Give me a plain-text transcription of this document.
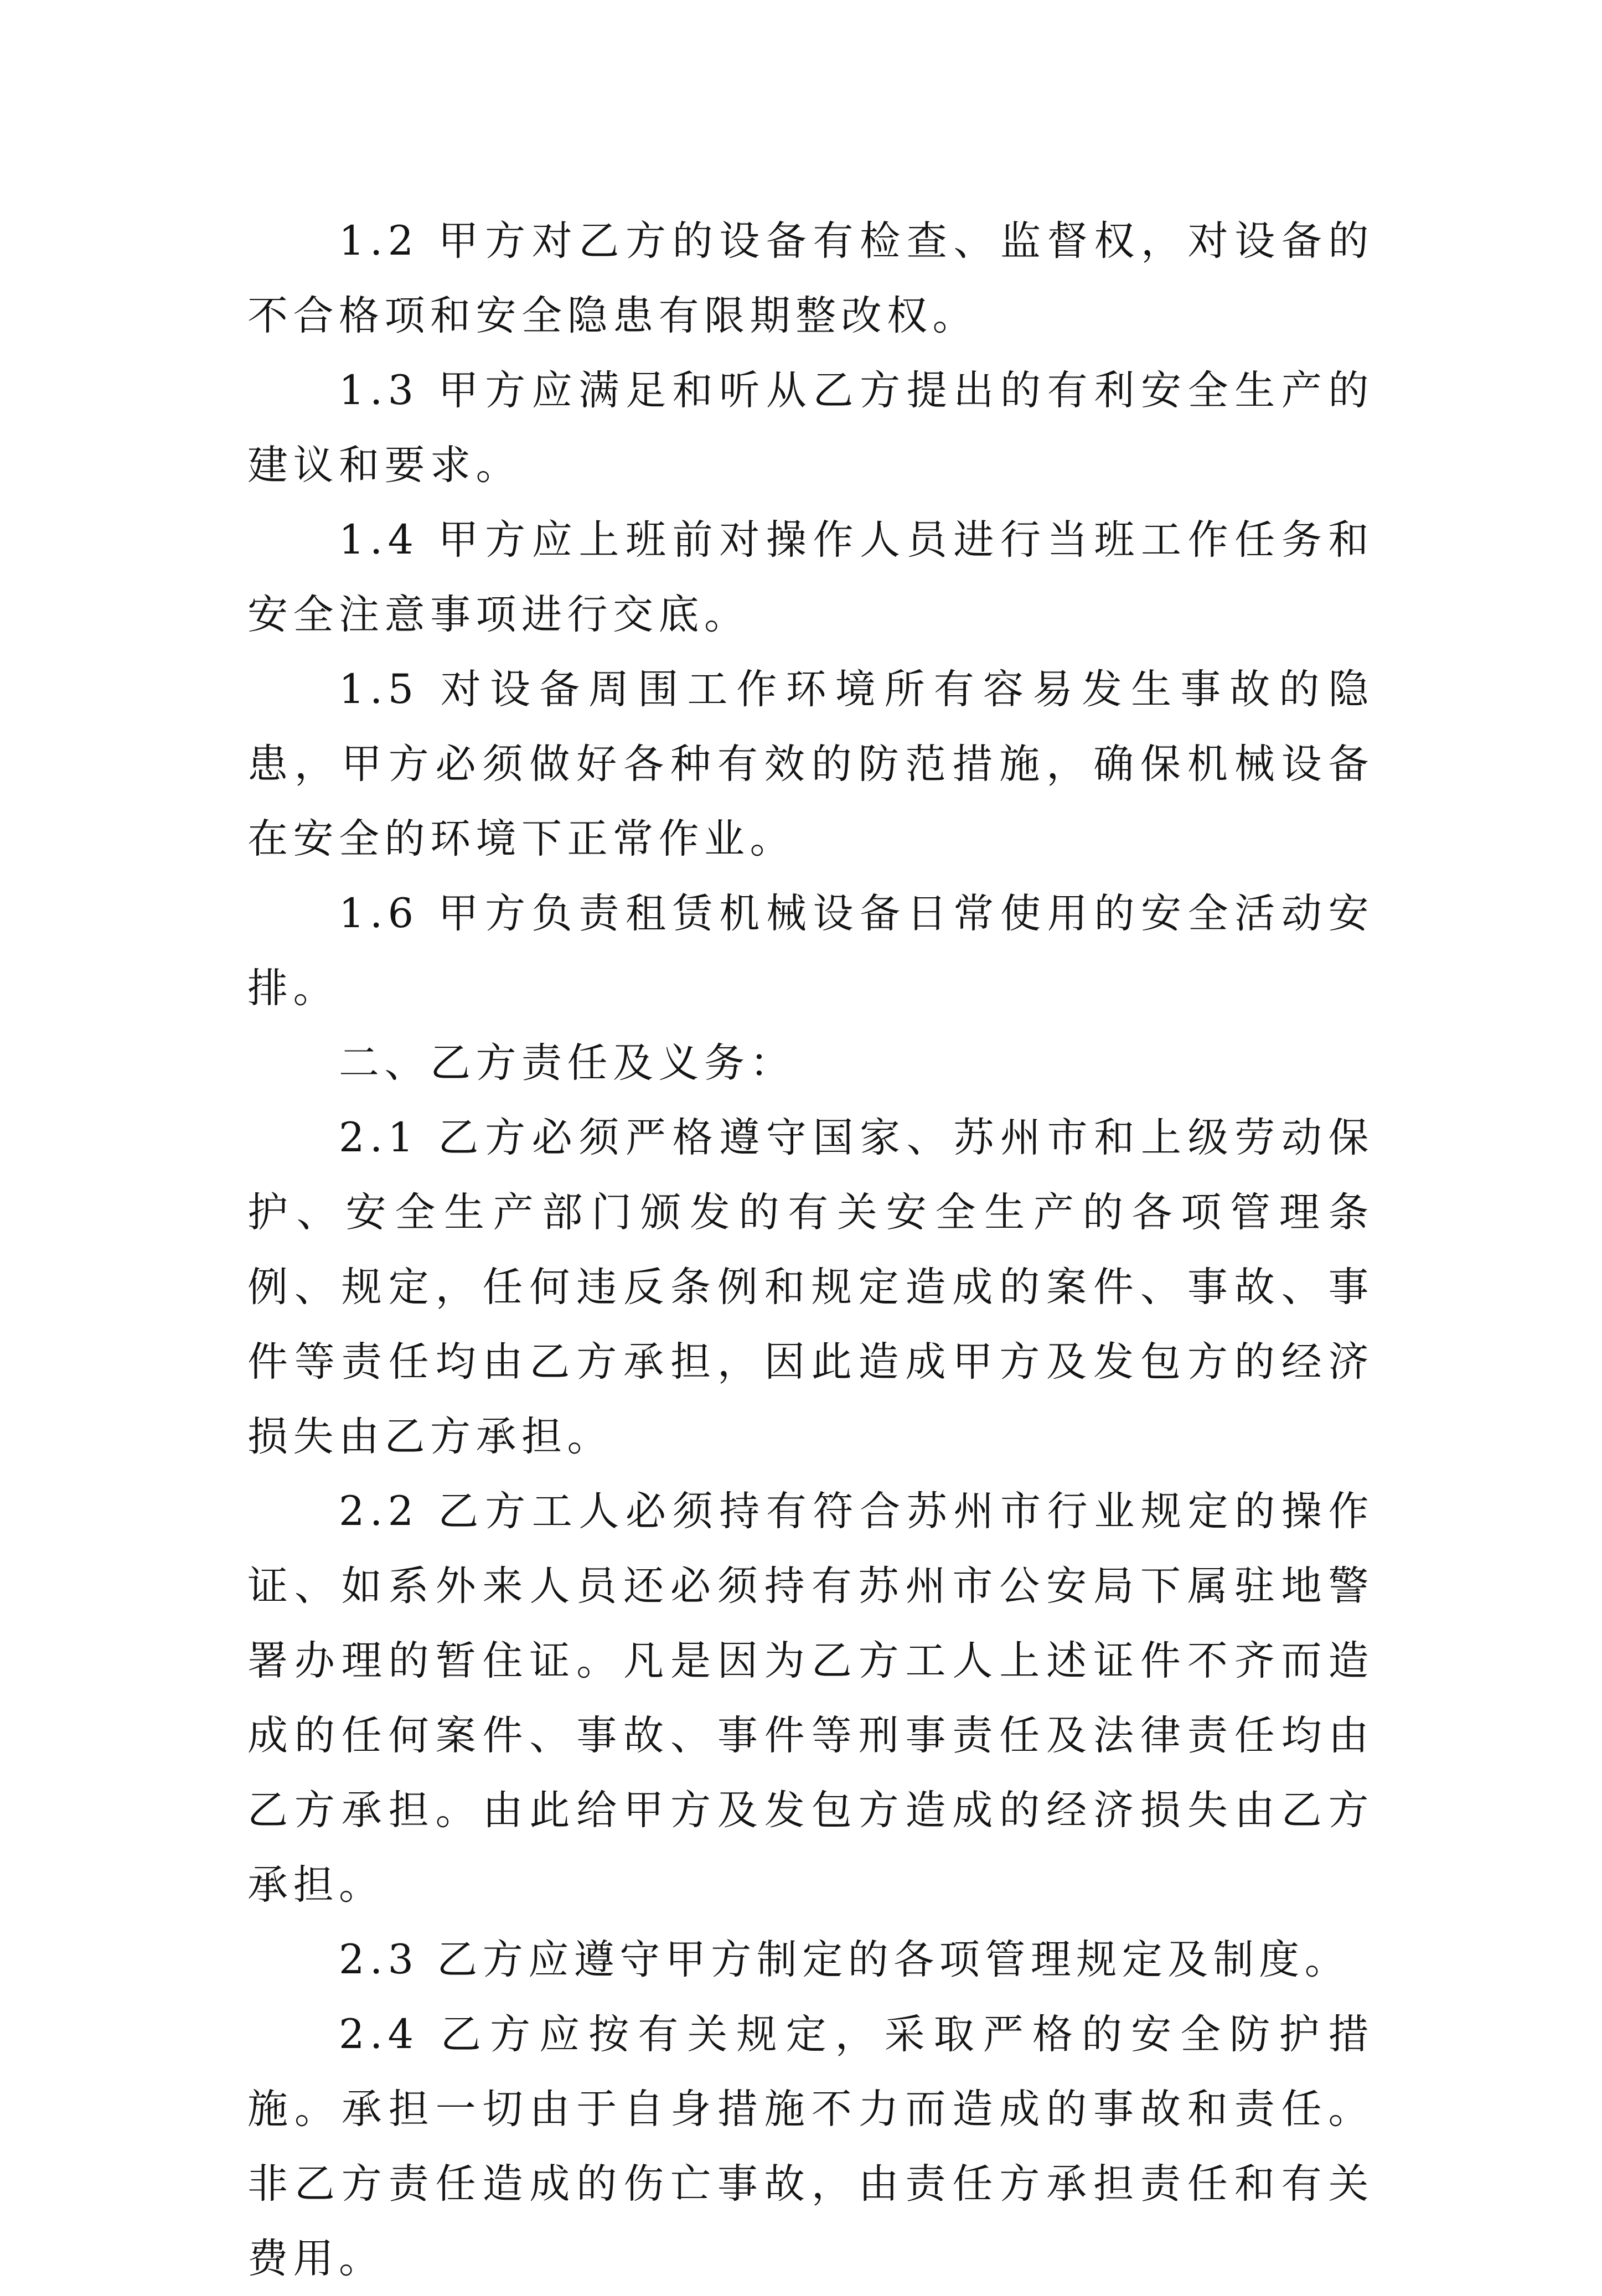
1.2 甲方对乙方的设备有检查、监督权，对设备的不合格项和安全隐患有限期整改权。

1.3 甲方应满足和听从乙方提出的有利安全生产的建议和要求。

1.4 甲方应上班前对操作人员进行当班工作任务和安全注意事项进行交底。

1.5 对设备周围工作环境所有容易发生事故的隐患，甲方必须做好各种有效的防范措施，确保机械设备在安全的环境下正常作业。

1.6 甲方负责租赁机械设备日常使用的安全活动安排。

二、乙方责任及义务：

2.1 乙方必须严格遵守国家、苏州市和上级劳动保护、安全生产部门颁发的有关安全生产的各项管理条例、规定，任何违反条例和规定造成的案件、事故、事件等责任均由乙方承担，因此造成甲方及发包方的经济损失由乙方承担。

2.2 乙方工人必须持有符合苏州市行业规定的操作证、如系外来人员还必须持有苏州市公安局下属驻地警署办理的暂住证。凡是因为乙方工人上述证件不齐而造成的任何案件、事故、事件等刑事责任及法律责任均由乙方承担。由此给甲方及发包方造成的经济损失由乙方承担。

2.3 乙方应遵守甲方制定的各项管理规定及制度。

2.4 乙方应按有关规定，采取严格的安全防护措施。承担一切由于自身措施不力而造成的事故和责任。非乙方责任造成的伤亡事故，由责任方承担责任和有关费用。
